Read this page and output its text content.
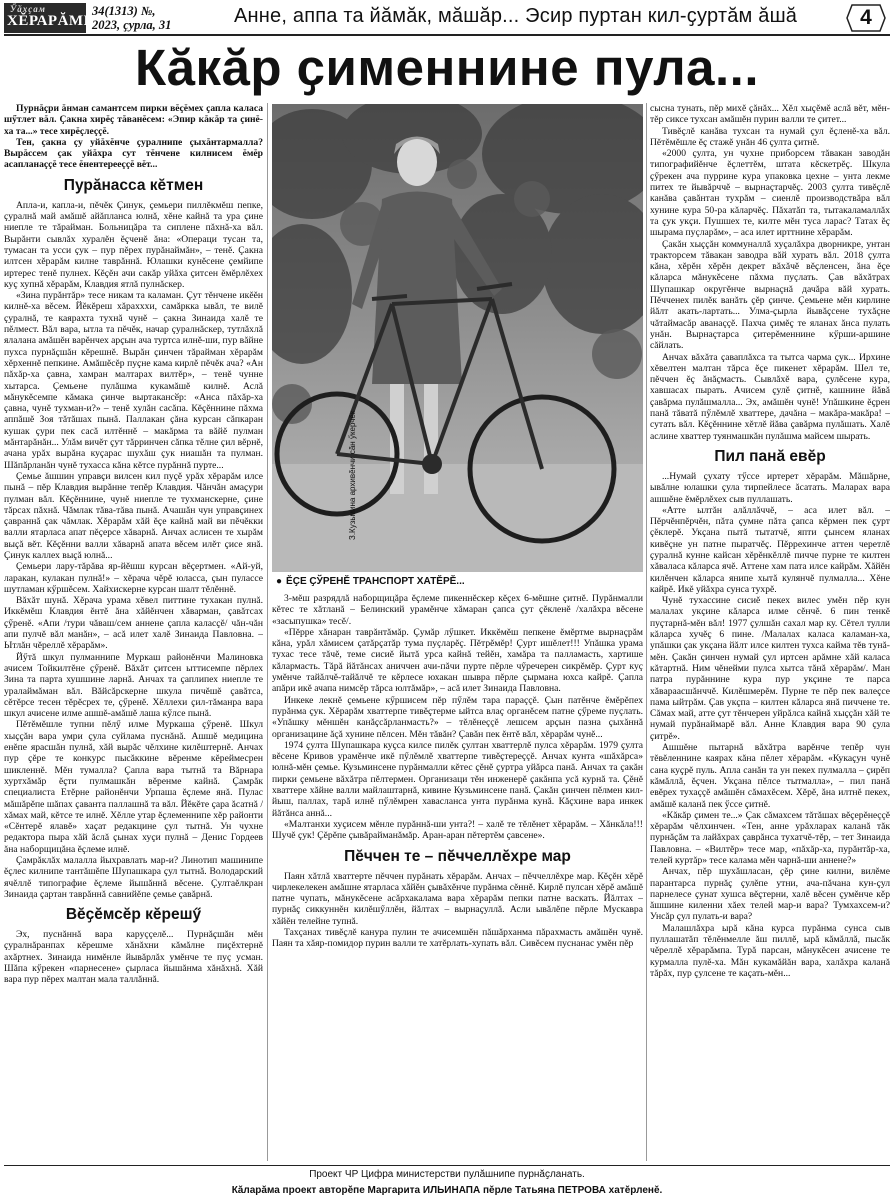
Ӳӑхҫам
ХĔРАРĂМĔ
34(1313) №,
2023, ҫурла, 31	Анне, аппа та йăмăк, мăшăр... Эсир пуртан кил-ҫуртăм ăшă	4
Кăкăр ҫименнине пула...

Пурнăҫри ăнман самантсем пирки вĕҫĕмех ҫапла каласа шӳтлет вăл. Ҫакна хирĕҫ тăванĕсем: «Эпир кăкăр та ҫинĕ-ха та...» тесе хирĕҫлеççĕ.

Тен, ҫакна ҫу уйăхĕнче ҫуралнипе ҫыхăнтармалла? Вырăссем ҫак уйăхра сут тĕнчене килнисем ĕмĕр асапланаççĕ тесе ĕнентерееççĕ вĕт...

Пурăнасса кĕтмен

Апла-и, капла-и, пĕчĕк Ҫинук, ҫемьери пиллĕкмĕш пепке, ҫуралнă май амăшĕ айăпланса юлнă, хĕне кайнă та ура ҫине ниепле те тăрайман. Больницăра та сиплене пăхнă-ха вăл. Вырăнти сывлăх хуралĕн ĕҫченĕ ăна: «Операци тусан та, тумасан та усси ҫук – пур пĕрех пурăнаймăн», – тенĕ. Ҫакна илтсен хĕрарăм килне таврăннă. Юлашки кунĕсене ҫемйипе иртерес тенĕ пулнех. Кĕҫĕн ачи сакăр уйăха ҫитсен ĕмĕрлĕхех куҫ хупнă хĕрарăм, Клавдия ятлă пулнăскер.

«Зина пурăнтăр» тесе никам та каламан. Ҫут тĕнчене икĕĕн килнĕ-ха вĕсем. Йĕкĕреш хăрахххи, самăркка ывăл, те вилĕ ҫуралнă, те каярахта тухнă чунĕ – ҫакна Зинаида халĕ те пĕлмест. Вăл вара, ытла та пĕчĕк, начар ҫуралнăскер, тутлăхлă ялалана амăшĕн варĕнчех арҫын ача туртса илнĕ-ши, пур вăйне пухса пурнăҫшăн кĕрешнĕ. Вырăн ҫинчен тăрайман хĕрарăм хĕрхеннĕ пепкине. Амăшĕсĕр пуҫне кама кирлĕ пĕчĕк ача? «Ан пăхăр-ха ҫавна, хамран малтарах вилтĕр», – тенĕ чунне хытарса. Ҫемьене пулăшма кукамăшĕ килнĕ. Аслă мăнукĕсемпе кăмака ҫинче выртакансӗр: «Анса пăхăр-ха ҫавна, чунĕ тухман-и?» – тенĕ хулăн сасăпа. Кĕҫĕннине пăхма аппăшĕ Зоя тăтăшах пынă. Паллакан ҫăна курсан сăпкаран кушак ҫури пек сасă илтĕннĕ – макăрма та вăйĕ пулман мăнтарăнăн... Улăм вичĕт ҫут тăрринчен сăпка тĕлне ҫил вĕрнĕ, ачана урăх вырăна куҫарас шухăш ҫук ниашăн та пулман. Шăпăрланăн чунĕ тухасса кăна кĕтсе пурăннă пурте...

Ҫемье ăшшин управҫи вилсен кил пуҫĕ урăх хĕрарăм илсе пынă – пĕр Клавдия вырăнне тепĕр Клавдия. Чăнчăн амаҫури пулман вăл. Кĕҫĕннине, чунĕ ниепле те тухманскерне, ҫине тăрсах пăхнă. Чăмлак тăва-тăва пынă. Ачашăн чун управҫинех ҫавраннă ҫак чăмлак. Хĕрарăм хăй ĕҫе кайнă май ви пĕчĕкки валли ятарласа апат пĕҫерсе хăварнă. Анчах аслисен те хырăм выҫă вĕт. Кĕҫĕнни валли хăварнă апата вĕсем илĕт ҫисе янă. Ҫинук каллех выҫă юлнă...

Ҫемьери лару-тăрăва яр-йĕшш курсан вĕҫертмен. «Ай-уй, ларакан, кулакан пулнă!» – хĕрача чĕрĕ юласса, ҫын пулассе шутламан кӳршĕсем. Хайхискерне курсан шалт тĕлĕннĕ.

Вăхăт шунă. Хĕрача урама хĕвел питтине тухакан пулнă. Иккĕмĕш Клавдия ĕнтĕ ăна хăйĕнчен хăварман, ҫавăтсах ҫӳренĕ. «Апи /тури чăваш/сем аннене ҫапла каласҫĕ/ чăн-чăн апи пулчĕ вăл манăн», – асă илет халĕ Зинаида Павловна. – Ытлăн чĕреллĕ хĕрарăм».

Йӳтă шкул пулманнипе Муркаш районĕнчи Малиновка ачисем Тойкилтĕне ҫӳренĕ. Вăхăт ҫитсен ыттисемпе пĕрлех Зина та парта хушшине ларнă. Анчах та ҫаплипех ниепле те уралаймăман вăл. Вăйсăрскерне шкула пичĕшĕ ҫавăтса, сĕтĕрсе тесен тĕрĕсрех те, ҫӳренĕ. Хĕллехи ҫил-тăманра вара шкул ачисене илме ашшĕ-амăшĕ лаша кӳлсе пынă.

Пĕтĕмĕшле тупни пĕлӳ илме Муркаша ҫӳренĕ. Шкул хыҫҫăн вара умри ҫула суйлама пуснăнă. Ашшĕ медицина енĕпе ярасшăн пулнă, хăй вырăс чĕлхине килĕштернĕ. Анчах пур ҫĕре те конкурс пысăккине вĕренме кĕреймесрен шикленнĕ. Мĕн тумалла? Ҫапла вара тытнă та Вăрнара хуртхăмăр ĕҫти пулмашкăн вĕренме кайнă. Ҫамрăк специалиста Етĕрне районĕнчи Урпаша ĕҫлеме янă. Пулас мăшăрĕпе шăпах ҫаванта паллашнă та вăл. Йĕкĕте ҫара ăсатнă /хăмах май, кĕтсе те илнĕ. Хĕлле утар ĕҫлеменнипе хĕр районти «Сĕнтерĕ ялавĕ» хаҫат редакцине ҫул тытнă. Ун чухне редактора пыра хăй ăслă ҫынах хуҫи пулнă – Денис Гордеев ăна наборщицăна ĕҫлеме илнĕ.

Ҫамрăклăх малалла йыхравлать мар-и? Линотип машинипе ĕҫлес килнипе тантăшĕпе Шупашкара ҫул тытнă. Володарский ячĕллĕ типографие ĕҫлеме йышăннă вĕсене. Ҫултаĕлкран Зинаида ҫартан таврăннă савнийĕпе ҫемье ҫавăрнă.

Вĕҫĕмсĕр кĕрешӳ

Эх, пуснăннă вара каруççелĕ... Пурнăҫшăн мĕн ҫуралнăранпах кĕрешме хăнăхни кăмăлне пиҫĕхтернĕ ахăртнех. Зинаида нимĕнле йывăрлăх умĕнче те пуç усман. Шăпа кӳрекен «парнесене» ҫырласа йышăнма хăнăхнă. Хăй вара пур пĕрех малтан мала таллăннă.

З.Кузьмина архивĕнчи сăн ӳкерчĕк
● ĔҪЕ ҪЎРЕНĔ ТРАНСПОРТ ХАТĔРĔ...

3-мĕш разрядлă наборщицăра ĕҫлеме пикеннĕскер кĕҫех 6-мĕшне ҫитнĕ. Пурăнмалли кĕтес те хăтланă – Белинский урамĕнче хăмаран ҫапса ҫут ҫĕкленĕ /халăхра вĕсене «засыпушка» тесĕ/.

«Пĕрре хăнаран таврăнтăмăр. Ҫумăр лӳшкет. Иккĕмĕш пепкене ĕмĕртме вырнаçрăм кăна, урăл хăмисем ҫатăрҫатăр тума пуçларĕҫ. Пĕтрĕмĕр! Ҫурт ишĕлет!!! Упăшка урама тухас тесе тăчĕ, теме сисиĕ йытă урса кайнă тейĕн, хамăра та палламасть, хартише кăлармасть. Тăрă йăтăнсах аниччен ачи-пăчи пурте пĕрле чӳречерен сикрĕмĕр. Ҫурт куç умĕнче тайăлчĕ-тайăлчĕ те кĕрлесе юхакан шывра пĕрле ҫырмана юхса кайрĕ. Ҫапла апăри икĕ ачапа нимсĕр тăрса юлтăмăр», – асă илет Зинаида Павловна.

Инкеке лекнĕ ҫемьене кӳршисем пĕр пӳлĕм тара параççĕ. Ҫын патĕнче ĕмĕрĕпех пурăнма ҫук. Хĕрарăм хваттерпе тивĕҫтерме ыйтса влаç органĕсем патне ҫӳреме пуçлать. «Упăшку мĕншĕн канăҫсăрланмасть?» – тĕлĕнеççĕ лешсем арҫын пазна ҫыхăннă организацине ăçă хунине пĕлсен. Мĕн тăвăн? Ҫавăн пек ĕнтĕ вăл, хĕрарăм чунĕ...

1974 ҫулта Шупашкара куҫса килсе пилĕк ҫултан хваттерлĕ пулса хĕрарăм. 1979 ҫулта вĕсене Кривов урамĕнче икĕ пӳлĕмлĕ хваттерпе тивĕҫтереççĕ. Анчах кунта «шăхăрса» юлнă-мĕн ҫемье. Кузьминсене пурăнмалли кĕтес ҫĕнĕ ҫуртра уйăрса панă. Анчах та ҫакăн пирки ҫемьене вăхăтра пĕлтермен. Организаци тĕн инженерĕ ҫакăнпа усă курнă та. Ҫĕнĕ хваттере хăйне валли майлаштарнă, кивине Кузьминсене панă. Ҫакăн ҫинчен пĕлмен кил-йыш, паллах, тарă илнĕ пӳлĕмрен хавасланса унта пурăнма кунă. Кăçхине вара инкек йăтăнса аннă...

«Малтанхи хуҫисем мĕнле пурăннă-ши унта?! – халĕ те тĕлĕнет хĕрарăм. – Хăнкăла!!! Шучĕ ҫук! Ҫĕрĕпе ҫывăрайманăмăр. Аран-аран пĕтертĕм ҫавсене».

Пĕччен те – пĕччеллĕхре мар

Паян хăтлă хваттерте пĕччен пурăнать хĕрарăм. Анчах – пĕччеллĕхре мар. Кĕҫĕн хĕрĕ чирлекелекен амăшне ятарласа хăйĕн ҫывăхĕнче пурăнма сĕннĕ. Кирлĕ пулсан хĕрĕ амăшĕ патне чупать, мăнукĕсене асăрхакалама вара хĕрарăм пепки патне васкать. Йăлтах – пурнăҫ сиккуннĕн килĕшӳллĕн, йăлтах – вырнаҫуллă. Асли ывăлĕпе пĕрле Мускавра хăйĕн телейне тупнă.

Тахçанах тивĕҫлĕ канура пулин те ачисемшĕн пăшăрханма пăрахмасть амăшĕн чунĕ. Паян та хăяр-помидор пурин валли те хатĕрлать-хупать вăл. Сивĕсем пуснанас умĕн пĕр

сысна тунать, пĕр михĕ ҫăнăх... Хĕл хыҫĕмĕ аслă вĕт, мĕн-тĕр сиксе тухсан амăшĕн пурин валли те ҫитет...

Тивĕҫлĕ канăва тухсан та нумай ҫул ĕҫленĕ-ха вăл. Пĕтĕмĕшле ĕҫ стажĕ унăн 46 ҫулта ҫитнĕ.

«2000 ҫулта, ун чухне приборсем тăвакан заводăн типографийĕнче ĕҫлеттĕм, штата кĕскетрĕҫ. Шкула ҫӳрекен ача пуррине кура упаковка цехне – унта лекме питех те йывăрччĕ – вырнаçтарчĕҫ. 2003 ҫулта тивĕҫлĕ канăва ҫавăнтан тухрăм – сиенлĕ производствăра вăл хунине кура 50-ра кăларчĕҫ. Пăхатăп та, тытакаламаллăх та ҫук укҫи. Пушшех те, килте мĕн туса ларас? Татах ĕҫ шырама пуçларăм», – аса илет ирттнине хĕрарăм.

Ҫакăн хыҫҫăн коммуналлă хуҫалăхра дворникре, унтан тракторсем тăвакан заводра вăй хурать вăл. 2018 ҫулта кăна, хĕрĕн хĕрĕн декрет вăхăчĕ вĕҫленсен, ăна ĕҫе кăларса мăнукĕсене пăхма пуçлать. Ҫав вăхăтрах Шупашкар округĕнче вырнаçнă дачăра вăй хурать. Пĕчченех пилĕк ванăть ҫĕр ҫинче. Ҫемьене мĕн кирлине йăлт акать-лартать... Улма-ҫырла йывăҫсене тухăçне чăтаймасăр аванаççĕ. Пахча ҫимĕҫ те яланах ăнса пулать унăн. Вырнаçтарса ҫитерĕменнине кӳрши-аршине сăйлать.

Анчах вăхăта ҫаваплăхса та тытса чарма ҫук... Ирхине хĕвелтен малтан тăрса ĕҫе пикенет хĕрарăм. Шел те, пĕччен ĕҫ ăнăҫмасть. Сывлăхĕ вара, ҫулĕсене кура, хавшасах пырать. Ачисем ҫулĕ ҫитнĕ, кашнине йăвă ҫавăрма пулăшмалла... Эх, амăшĕн чунĕ! Упăшкине ĕҫрен панă тăватă пӳлĕмлĕ хваттере, дачăна – макăра-макăра! – сутать вăл. Кĕҫĕннине хĕтлĕ йăва ҫавăрма пулăшать. Халĕ аслине хваттер туянмашкăн пулăшма майсем шырать.

Пил панă евĕр

...Нумай ҫухату тӳссе иртерет хĕрарăм. Мăшăрне, ывăлне юлашки ҫула тирпейлесе ăсатать. Маларах вара ашшĕне ĕмĕрлĕхех сыв пуллашать.

«Атте ылтăн алăллăччĕ, – аса илет вăл. – Пĕрчĕнпĕрчĕн, пăта ҫумне пăта ҫапса кĕрмен пек ҫурт ҫĕклерĕ. Укҫана пытă тытатчĕ, япти ҫынсем яланах кивĕçне ун патне пыратчĕҫ. Пĕррехинче аттен черетлĕ ҫуралнă кунне кайсан хĕрĕнкĕллĕ пичче пурне те килтен хăваласа кăларса ячĕ. Аттене хам пата илсе кайрăм. Хăйĕн килĕнчен кăларса янипе хытă кулянчĕ пулмалла... Хĕне кайрĕ. Икĕ уйăхра сунса тухрĕ.

Чунĕ тухассине сисиĕ пекех вилес умĕн пĕр кун малалах укҫине кăларса илме сĕнчĕ. 6 пин тенкĕ пуҫтарнă-мĕн вăл! 1977 ҫулшăн сахал мар ку. Сĕтел тулли кăларса хучĕҫ 6 пине. /Малалах каласа каламан-ха, упăшки ҫак укҫана йăлт илсе килтен тухса кайма тĕв тунă-мĕн. Ҫакăн ҫинчен нумай ҫул иртсен арăмне хăй каласа кăтартнă. Ним чĕнейми пулса хытса тăнă хĕрарăм/. Ман патра пурăннине кура пур укҫине те парса хăвараасшăнччĕ. Килĕшмерĕм. Пурне те пĕр пек валеҫсе пама ыйтрăм. Ҫав укҫпа – килтен кăларса янă пиччене те. Сăмах май, атте ҫут тĕнчерен уйрăлса кайнă хыҫҫăн хăй те нумай пурăнаймарĕ вăл. Анне Клавдия вара 90 ҫула ҫитрĕ».

Ашшĕне пытарнă вăхăтра варĕнче тепĕр чун тĕвĕленнине каярах кăна пĕлет хĕрарăм. «Кукаҫун чунĕ сана куҫрĕ пуль. Апла санăн та ун пекех пулмалла – ҫирĕп кăмăллă, ĕҫчен. Укҫана пĕлсе тытмалла», – пил панă евĕрех тухаççĕ амăшĕн сăмахĕсем. Хĕрĕ, ăна илтнĕ пекех, амăшĕ каланă пек ӳссе ҫитнĕ.

«Кăкăр ҫимен те...» Ҫак сăмахсем тăтăшах вĕҫерĕнеççĕ хĕрарăм чĕлхинчен. «Тен, анне урăхларах каланă тăк пурнăҫăм та лайăхрах ҫаврăнса тухатчĕ-тĕр, – тет Зинаида Павловна. – «Вилтĕр» тесе мар, «пăхăр-ха, пурăнтăр-ха, телей куртăр» тесе калама мĕн чарнă-ши аннене?»

Анчах, пĕр шухăшласан, ҫĕр ҫине килни, вилĕме парантарса пурнăҫ ҫулĕпе утни, ача-пăчана кун-ҫул парнелесе ҫунат хушса вĕҫтерни, халĕ вĕсен ҫумĕнче кĕр ăшшине киленни хăех телей мар-и вара? Тумхахсем-и? Унсăр ҫул пулать-и вара?

Малашлăхра ырă кăна курса пурăнма сунса сыв пуллашатăп тĕлĕнмелле ăш пиллĕ, ырă кăмăллă, пысăк чĕреллĕ хĕрарăмпа. Турă парсан, мăнукĕсен ачисене те курмалла пулĕ-ха. Мăн кукамăйăн вара, халăхра каланă тăрăх, пур ҫулсене те каҫать-мĕн...

Проект ЧР Цифра министерстви пулăшнипе пурнăҫланать.
Кăларăма проект авторĕпе Маргарита ИЛЬИНАПА пĕрле Татьяна ПЕТРОВА хатĕрленĕ.
